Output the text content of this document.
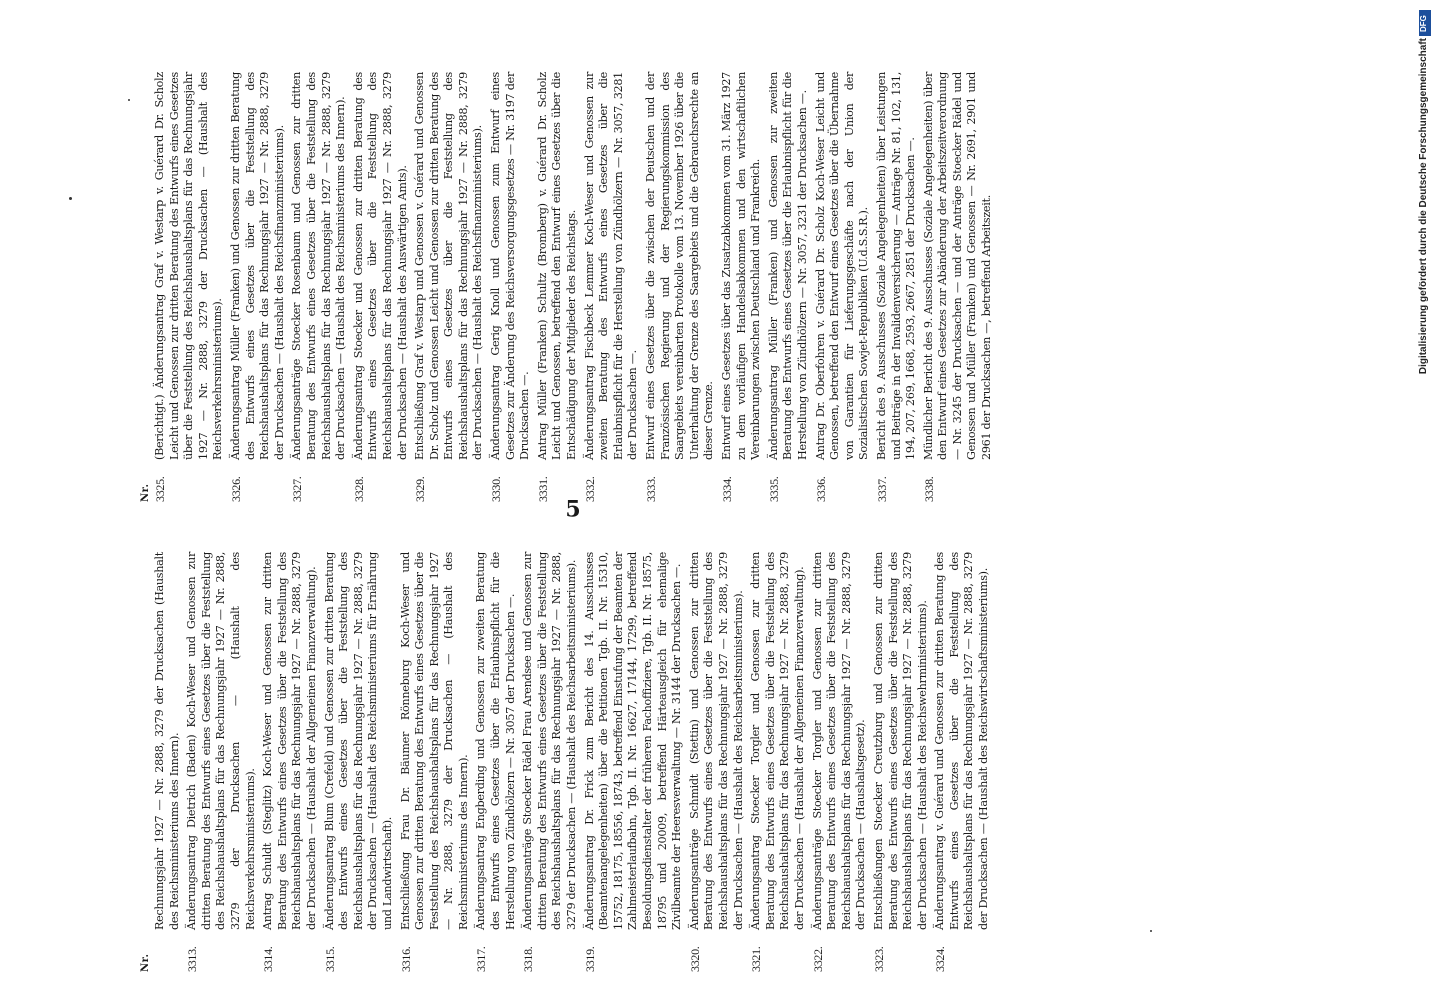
Nr.
Rechnungsjahr 1927 — Nr. 2888, 3279 der Drucksachen (Haushalt des Reichsministeriums des Innern).
3313.
Änderungsantrag Dietrich (Baden) Koch-Weser und Genossen zur dritten Beratung des Entwurfs eines Gesetzes über die Feststellung des Reichshaushaltsplans für das Rechnungsjahr 1927 — Nr. 2888, 3279 der Drucksachen — (Haushalt des Reichsverkehrsministeriums).
3314.
Antrag Schuldt (Steglitz) Koch-Weser und Genossen zur dritten Beratung des Entwurfs eines Gesetzes über die Feststellung des Reichshaushaltsplans für das Rechnungsjahr 1927 — Nr. 2888, 3279 der Drucksachen — (Haushalt der Allgemeinen Finanzverwaltung).
3315.
Änderungsantrag Blum (Crefeld) und Genossen zur dritten Beratung des Entwurfs eines Gesetzes über die Feststellung des Reichshaushaltsplans für das Rechnungsjahr 1927 — Nr. 2888, 3279 der Drucksachen — (Haushalt des Reichsministeriums für Ernährung und Landwirtschaft).
3316.
Entschließung Frau Dr. Bäumer Rönneburg Koch-Weser und Genossen zur dritten Beratung des Entwurfs eines Gesetzes über die Feststellung des Reichshaushaltsplans für das Rechnungsjahr 1927 — Nr. 2888, 3279 der Drucksachen — (Haushalt des Reichsministeriums des Innern).
3317.
Änderungsantrag Engberding und Genossen zur zweiten Beratung des Entwurfs eines Gesetzes über die Erlaubnispflicht für die Herstellung von Zündhölzern — Nr. 3057 der Drucksachen —.
3318.
Änderungsanträge Stoecker Rädel Frau Arendsee und Genossen zur dritten Beratung des Entwurfs eines Gesetzes über die Feststellung des Reichshaushaltsplans für das Rechnungsjahr 1927 — Nr. 2888, 3279 der Drucksachen — (Haushalt des Reichsarbeitsministeriums).
3319.
Änderungsantrag Dr. Frick zum Bericht des 14. Ausschusses (Beamtenangelegenheiten) über die Petitionen Tgb. II. Nr. 15310, 15752, 18175, 18556, 18743, betreffend Einstufung der Beamten der Zahlmeisterlaufbahn, Tgb. II. Nr. 16627, 17144, 17299, betreffend Besoldungsdienstalter der früheren Fachoffiziere, Tgb. II. Nr. 18575, 18795 und 20009, betreffend Härteausgleich für ehemalige Zivilbeamte der Heeresverwaltung — Nr. 3144 der Drucksachen —.
3320.
Änderungsanträge Schmidt (Stettin) und Genossen zur dritten Beratung des Entwurfs eines Gesetzes über die Feststellung des Reichshaushaltsplans für das Rechnungsjahr 1927 — Nr. 2888, 3279 der Drucksachen — (Haushalt des Reichsarbeitsministeriums).
3321.
Änderungsantrag Stoecker Torgler und Genossen zur dritten Beratung des Entwurfs eines Gesetzes über die Feststellung des Reichshaushaltsplans für das Rechnungsjahr 1927 — Nr. 2888, 3279 der Drucksachen — (Haushalt der Allgemeinen Finanzverwaltung).
3322.
Änderungsanträge Stoecker Torgler und Genossen zur dritten Beratung des Entwurfs eines Gesetzes über die Feststellung des Reichshaushaltsplans für das Rechnungsjahr 1927 — Nr. 2888, 3279 der Drucksachen — (Haushaltsgesetz).
3323.
Entschließungen Stoecker Creutzburg und Genossen zur dritten Beratung des Entwurfs eines Gesetzes über die Feststellung des Reichshaushaltsplans für das Rechnungsjahr 1927 — Nr. 2888, 3279 der Drucksachen — (Haushalt des Reichswehrministeriums).
3324.
Änderungsantrag v. Guérard und Genossen zur dritten Beratung des Entwurfs eines Gesetzes über die Feststellung des Reichshaushaltsplans für das Rechnungsjahr 1927 — Nr. 2888, 3279 der Drucksachen — (Haushalt des Reichswirtschaftsministeriums).
5
Nr. 3325.
(Berichtigt.) Änderungsantrag Graf v. Westarp v. Guérard Dr. Scholz Leicht und Genossen zur dritten Beratung des Entwurfs eines Gesetzes über die Feststellung des Reichshaushaltsplans für das Rechnungsjahr 1927 — Nr. 2888, 3279 der Drucksachen — (Haushalt des Reichsverkehrsministeriums).
3326.
Änderungsantrag Müller (Franken) und Genossen zur dritten Beratung des Entwurfs eines Gesetzes über die Feststellung des Reichshaushaltsplans für das Rechnungsjahr 1927 — Nr. 2888, 3279 der Drucksachen — (Haushalt des Reichsfinanzministeriums).
3327.
Änderungsanträge Stoecker Rosenbaum und Genossen zur dritten Beratung des Entwurfs eines Gesetzes über die Feststellung des Reichshaushaltsplans für das Rechnungsjahr 1927 — Nr. 2888, 3279 der Drucksachen — (Haushalt des Reichsministeriums des Innern).
3328.
Änderungsantrag Stoecker und Genossen zur dritten Beratung des Entwurfs eines Gesetzes über die Feststellung des Reichshaushaltsplans für das Rechnungsjahr 1927 — Nr. 2888, 3279 der Drucksachen — (Haushalt des Auswärtigen Amts).
3329.
Entschließung Graf v. Westarp und Genossen v. Guérard und Genossen Dr. Scholz und Genossen Leicht und Genossen zur dritten Beratung des Entwurfs eines Gesetzes über die Feststellung des Reichshaushaltsplans für das Rechnungsjahr 1927 — Nr. 2888, 3279 der Drucksachen — (Haushalt des Reichsfinanzministeriums).
3330.
Änderungsantrag Gerig Knoll und Genossen zum Entwurf eines Gesetzes zur Änderung des Reichsversorgungsgesetzes — Nr. 3197 der Drucksachen —.
3331.
Antrag Müller (Franken) Schultz (Bromberg) v. Guérard Dr. Scholz Leicht und Genossen, betreffend den Entwurf eines Gesetzes über die Entschädigung der Mitglieder des Reichstags.
3332.
Änderungsantrag Fischbeck Lemmer Koch-Weser und Genossen zur zweiten Beratung des Entwurfs eines Gesetzes über die Erlaubnispflicht für die Herstellung von Zündhölzern — Nr. 3057, 3281 der Drucksachen —.
3333.
Entwurf eines Gesetzes über die zwischen der Deutschen und der Französischen Regierung und der Regierungskommission des Saargebiets vereinbarten Protokolle vom 13. November 1926 über die Unterhaltung der Grenze des Saargebiets und die Gebrauchsrechte an dieser Grenze.
3334.
Entwurf eines Gesetzes über das Zusatzabkommen vom 31. März 1927 zu dem vorläufigen Handelsabkommen und den wirtschaftlichen Vereinbarungen zwischen Deutschland und Frankreich.
3335.
Änderungsantrag Müller (Franken) und Genossen zur zweiten Beratung des Entwurfs eines Gesetzes über die Erlaubnispflicht für die Herstellung von Zündhölzern — Nr. 3057, 3231 der Drucksachen —.
3336.
Antrag Dr. Oberfohren v. Guérard Dr. Scholz Koch-Weser Leicht und Genossen, betreffend den Entwurf eines Gesetzes über die Übernahme von Garantien für Lieferungsgeschäfte nach der Union der Sozialistischen Sowjet-Republiken (U.d.S.S.R.).
3337.
Bericht des 9. Ausschusses (Soziale Angelegenheiten) über Leistungen und Beiträge in der Invalidenversicherung — Anträge Nr. 81, 102, 131, 194, 207, 269, 1668, 2593, 2667, 2851 der Drucksachen —.
3338.
Mündlicher Bericht des 9. Ausschusses (Soziale Angelegenheiten) über den Entwurf eines Gesetzes zur Abänderung der Arbeitszeitverordnung — Nr. 3245 der Drucksachen — und der Anträge Stoecker Rädel und Genossen und Müller (Franken) und Genossen — Nr. 2691, 2901 und 2961 der Drucksachen —, betreffend Arbeitszeit.
DFG
Digitalisierung gefördert durch die Deutsche Forschungsgemeinschaft
